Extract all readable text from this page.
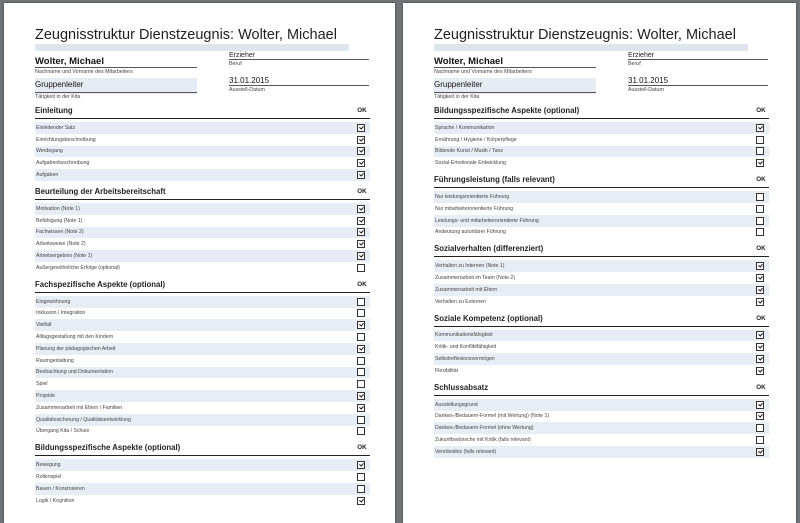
Zeugnisstruktur Dienstzeugnis: Wolter, Michael
Wolter, Michael
Nachname und Vorname des Mitarbeiters
Erzieher
Beruf
Gruppenleiter
Tätigkeit in der Kita
31.01.2015
Ausstell-Datum
Einleitung	OK
Einleitender Satz
Einrichtungsbeschreibung
Werdegang
Aufgabenbeschreibung
Aufgaben
Beurteilung der Arbeitsbereitschaft	OK
Motivation (Note 1)
Befähigung (Note 1)
Fachwissen (Note 2)
Arbeitsweise (Note 2)
Arbeitsergebnis (Note 1)
Außergewöhnliche Erfolge (optional)
Fachspezifische Aspekte (optional)	OK
Eingewöhnung
Inklusion / Integration
Vielfalt
Alltagsgestaltung mit den Kindern
Planung der pädagogischen Arbeit
Raumgestaltung
Beobachtung und Dokumentation
Spiel
Projekte
Zusammenarbeit mit Eltern / Familien
Qualitätssicherung / Qualitätsentwicklung
Übergang Kita / Schule
Bildungsspezifische Aspekte (optional)	OK
Bewegung
Rollenspiel
Bauen / Konstruieren
Logik / Kognition
Zeugnisstruktur Dienstzeugnis: Wolter, Michael
Wolter, Michael
Nachname und Vorname des Mitarbeiters
Erzieher
Beruf
Gruppenleiter
Tätigkeit in der Kita
31.01.2015
Ausstell-Datum
Bildungsspezifische Aspekte (optional)	OK
Sprache / Kommunikation
Ernährung / Hygiene / Körperpflege
Bildende Kunst / Musik / Tanz
Sozial-Emotionale Entwicklung
Führungsleistung (falls relevant)	OK
Nur leistungsorientierte Führung
Nur mitarbeiterorientierte Führung
Leistungs- und mitarbeiterorientierte Führung
Andeutung autoritärer Führung
Sozialverhalten (differenziert)	OK
Verhalten zu Internen (Note 1)
Zusammenarbeit im Team (Note 2)
Zusammenarbeit mit Eltern
Verhalten zu Externen
Soziale Kompetenz (optional)	OK
Kommunikationsfähigkeit
Kritik- und Konfliktfähigkeit
Selbstreflexionsvermögen
Flexibilität
Schlussabsatz	OK
Ausstellungsgrund
Dankes-/Bedauern-Formel (mit Wertung) (Note 1)
Dankes-/Bedauern-Formel (ohne Wertung)
Zukunftswünsche mit Kritik (falls relevant)
Verständnis (falls relevant)
